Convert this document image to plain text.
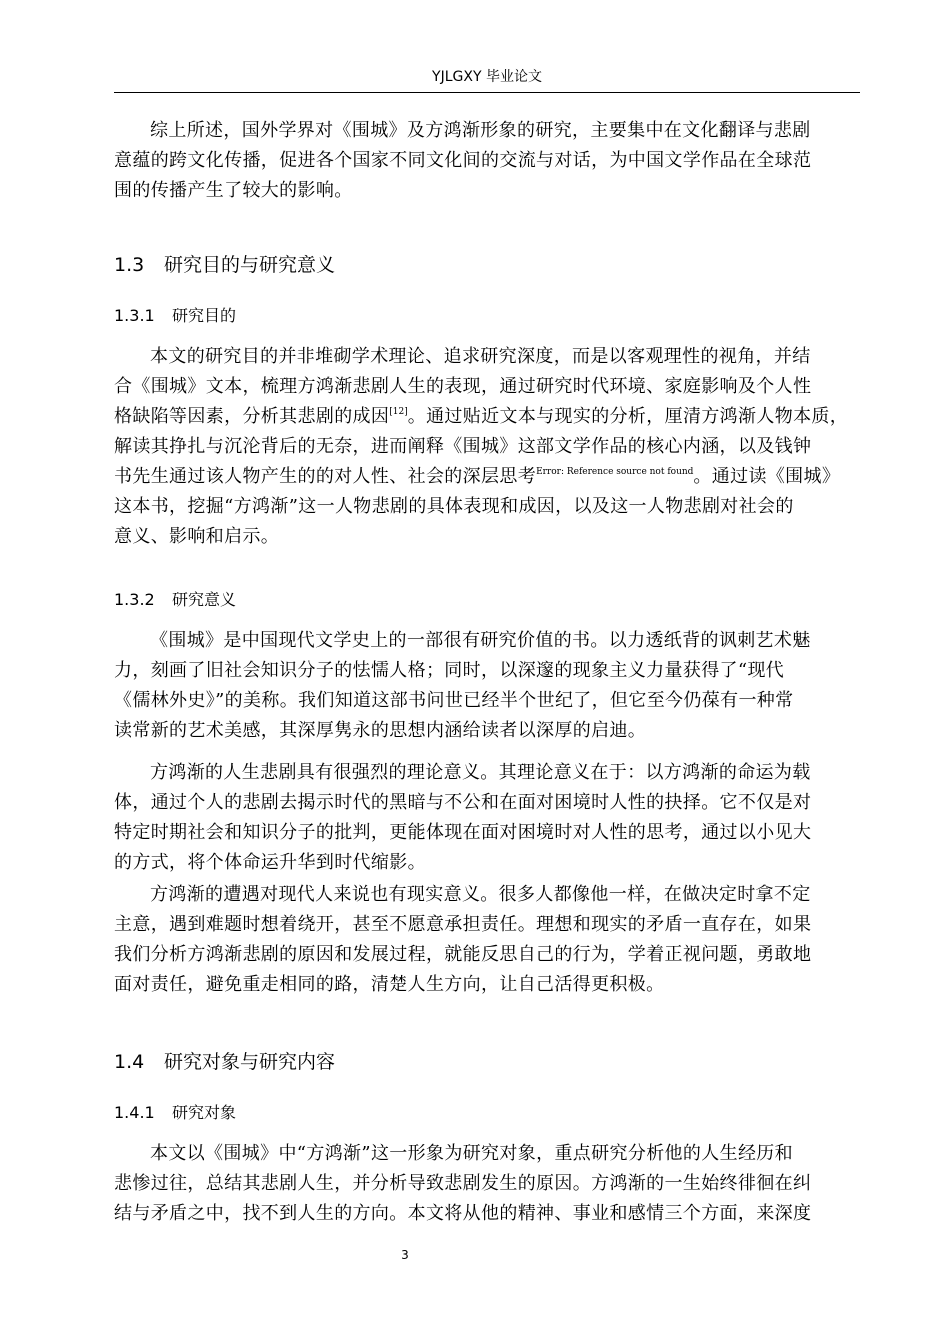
YJLGXY 毕业论文

综上所述，国外学界对《围城》及方鸿渐形象的研究，主要集中在文化翻译与悲剧
意蕴的跨文化传播，促进各个国家不同文化间的交流与对话，为中国文学作品在全球范
围的传播产生了较大的影响。

1.3 研究目的与研究意义
1.3.1 研究目的

本文的研究目的并非堆砌学术理论、追求研究深度，而是以客观理性的视角，并结
合《围城》文本，梳理方鸿渐悲剧人生的表现，通过研究时代环境、家庭影响及个人性
格缺陷等因素，分析其悲剧的成因[12]。通过贴近文本与现实的分析，厘清方鸿渐人物本质，
解读其挣扎与沉沦背后的无奈，进而阐释《围城》这部文学作品的核心内涵，以及钱钟
书先生通过该人物产生的的对人性、社会的深层思考$^{Error: Reference source not found}$。通过读《围城》
这本书，挖掘“方鸿渐”这一人物悲剧的具体表现和成因，以及这一人物悲剧对社会的
意义、影响和启示。

1.3.2 研究意义

《围城》是中国现代文学史上的一部很有研究价值的书。以力透纸背的讽刺艺术魅
力，刻画了旧社会知识分子的怯懦人格；同时，以深邃的现象主义力量获得了“现代
《儒林外史》”的美称。我们知道这部书问世已经半个世纪了，但它至今仍葆有一种常
读常新的艺术美感，其深厚隽永的思想内涵给读者以深厚的启迪。

方鸿渐的人生悲剧具有很强烈的理论意义。其理论意义在于：以方鸿渐的命运为载
体，通过个人的悲剧去揭示时代的黑暗与不公和在面对困境时人性的抉择。它不仅是对
特定时期社会和知识分子的批判，更能体现在面对困境时对人性的思考，通过以小见大
的方式，将个体命运升华到时代缩影。

方鸿渐的遭遇对现代人来说也有现实意义。很多人都像他一样，在做决定时拿不定
主意，遇到难题时想着绕开，甚至不愿意承担责任。理想和现实的矛盾一直存在，如果
我们分析方鸿渐悲剧的原因和发展过程，就能反思自己的行为，学着正视问题，勇敢地
面对责任，避免重走相同的路，清楚人生方向，让自己活得更积极。

1.4 研究对象与研究内容
1.4.1 研究对象

本文以《围城》中“方鸿渐”这一形象为研究对象，重点研究分析他的人生经历和
悲惨过往，总结其悲剧人生，并分析导致悲剧发生的原因。方鸿渐的一生始终徘徊在纠
结与矛盾之中，找不到人生的方向。本文将从他的精神、事业和感情三个方面，来深度

3
